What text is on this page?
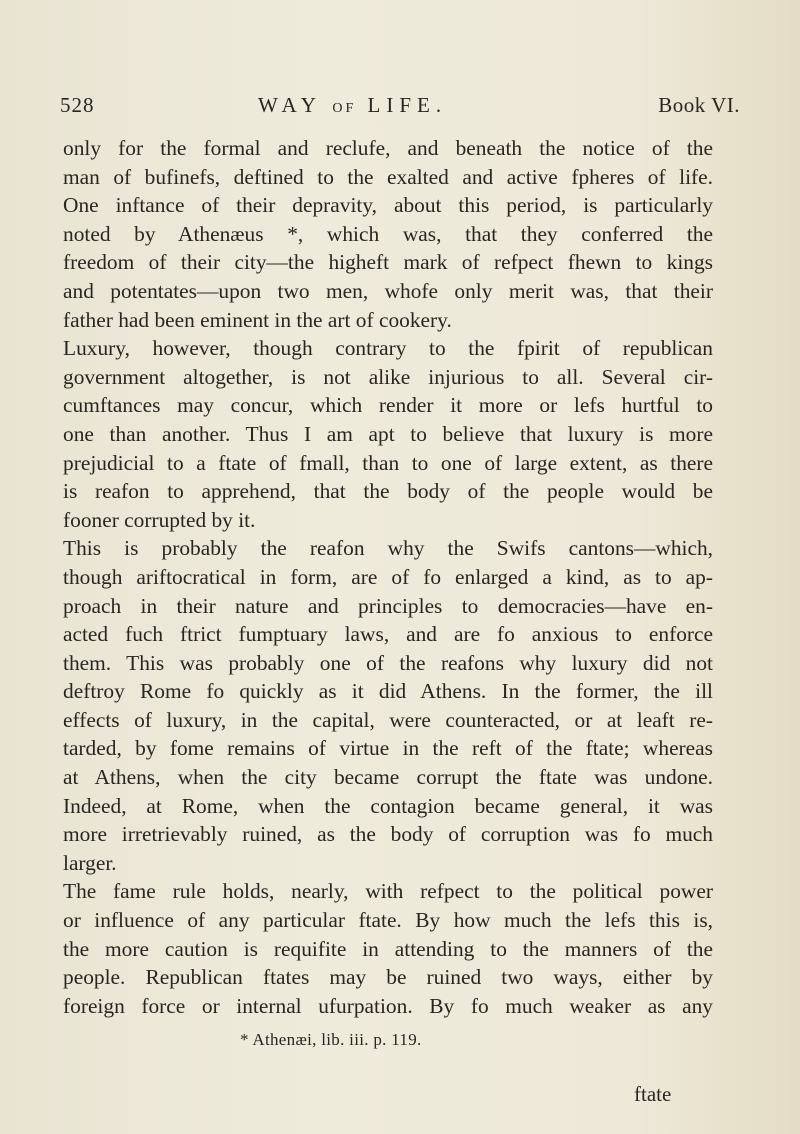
528	WAY OF LIFE.	Book VI.
only for the formal and reclufe, and beneath the notice of the
man of bufinefs, deftined to the exalted and active fpheres of life.
One inftance of their depravity, about this period, is particularly
noted by Athenæus *, which was, that they conferred the
freedom of their city—the higheft mark of refpect fhewn to kings
and potentates—upon two men, whofe only merit was, that their
father had been eminent in the art of cookery.
Luxury, however, though contrary to the fpirit of republican
government altogether, is not alike injurious to all. Several cir-
cumftances may concur, which render it more or lefs hurtful to
one than another. Thus I am apt to believe that luxury is more
prejudicial to a ftate of fmall, than to one of large extent, as there
is reafon to apprehend, that the body of the people would be
fooner corrupted by it.
This is probably the reafon why the Swifs cantons—which,
though ariftocratical in form, are of fo enlarged a kind, as to ap-
proach in their nature and principles to democracies—have en-
acted fuch ftrict fumptuary laws, and are fo anxious to enforce
them. This was probably one of the reafons why luxury did not
deftroy Rome fo quickly as it did Athens. In the former, the ill
effects of luxury, in the capital, were counteracted, or at leaft re-
tarded, by fome remains of virtue in the reft of the ftate; whereas
at Athens, when the city became corrupt the ftate was undone.
Indeed, at Rome, when the contagion became general, it was
more irretrievably ruined, as the body of corruption was fo much
larger.
The fame rule holds, nearly, with refpect to the political power
or influence of any particular ftate. By how much the lefs this is,
the more caution is requifite in attending to the manners of the
people. Republican ftates may be ruined two ways, either by
foreign force or internal ufurpation. By fo much weaker as any
* Athenæi, lib. iii. p. 119.
ftate
